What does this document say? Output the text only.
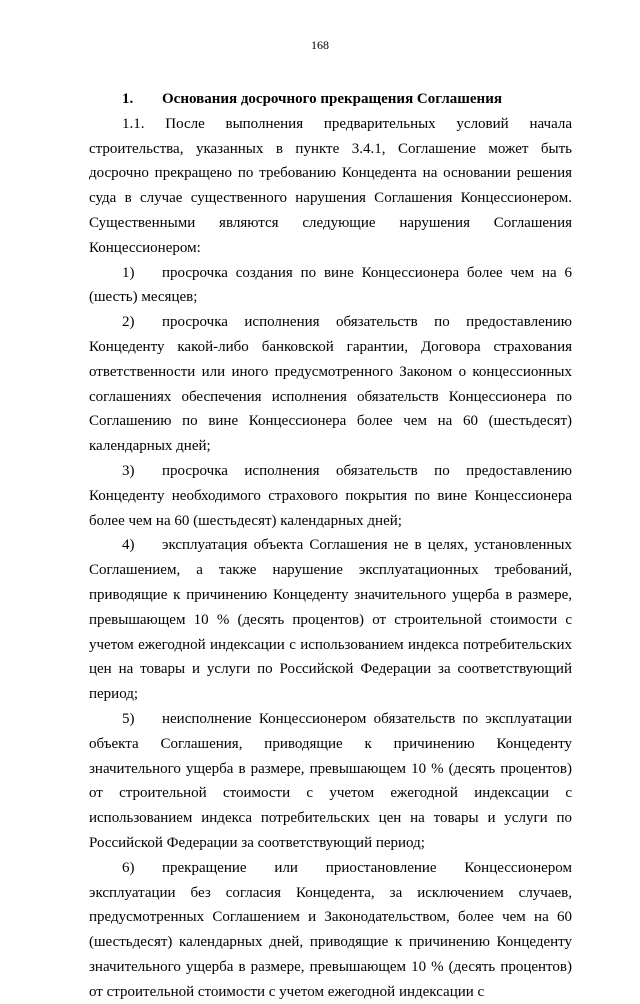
168
1. Основания досрочного прекращения Соглашения

1.1. После выполнения предварительных условий начала строительства, указанных в пункте 3.4.1, Соглашение может быть досрочно прекращено по требованию Концедента на основании решения суда в случае существенного нарушения Соглашения Концессионером. Существенными являются следующие нарушения Соглашения Концессионером:

1) просрочка создания по вине Концессионера более чем на 6 (шесть) месяцев;

2) просрочка исполнения обязательств по предоставлению Концеденту какой-либо банковской гарантии, Договора страхования ответственности или иного предусмотренного Законом о концессионных соглашениях обеспечения исполнения обязательств Концессионера по Соглашению по вине Концессионера более чем на 60 (шестьдесят) календарных дней;

3) просрочка исполнения обязательств по предоставлению Концеденту необходимого страхового покрытия по вине Концессионера более чем на 60 (шестьдесят) календарных дней;

4) эксплуатация объекта Соглашения не в целях, установленных Соглашением, а также нарушение эксплуатационных требований, приводящие к причинению Концеденту значительного ущерба в размере, превышающем 10 % (десять процентов) от строительной стоимости с учетом ежегодной индексации с использованием индекса потребительских цен на товары и услуги по Российской Федерации за соответствующий период;

5) неисполнение Концессионером обязательств по эксплуатации объекта Соглашения, приводящие к причинению Концеденту значительного ущерба в размере, превышающем 10 % (десять процентов) от строительной стоимости с учетом ежегодной индексации с использованием индекса потребительских цен на товары и услуги по Российской Федерации за соответствующий период;

6) прекращение или приостановление Концессионером эксплуатации без согласия Концедента, за исключением случаев, предусмотренных Соглашением и Законодательством, более чем на 60 (шестьдесят) календарных дней, приводящие к причинению Концеденту значительного ущерба в размере, превышающем 10 % (десять процентов) от строительной стоимости с учетом ежегодной индексации с
